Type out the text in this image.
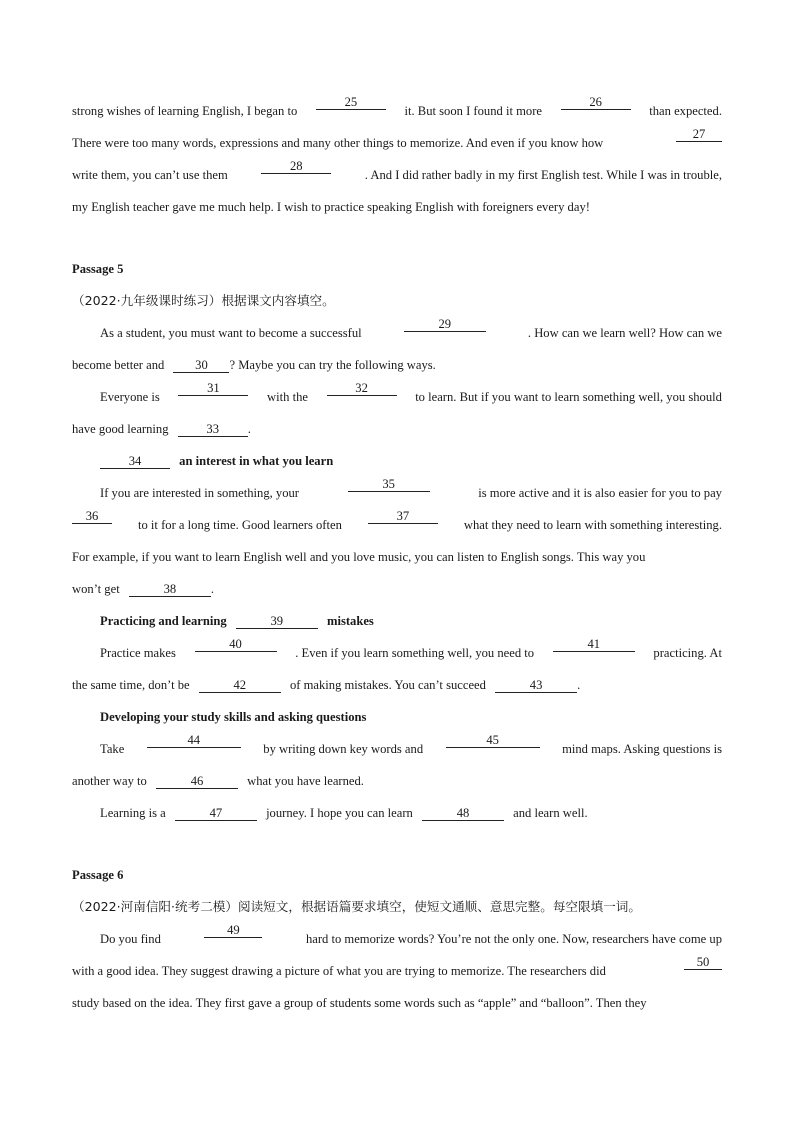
strong wishes of learning English, I began to
25
it. But soon I found it more
26
than expected.
There were too many words, expressions and many other things to memorize. And even if you know how
27
write them, you can’t use them
28
. And I did rather badly in my first English test. While I was in trouble,
my English teacher gave me much help. I wish to practice speaking English with foreigners every day!
Passage 5
（2022·九年级课时练习）根据课文内容填空。
As a student, you must want to become a successful
29
. How can we learn well? How can we
become better and 30 ? Maybe you can try the following ways.
Everyone is
31
with the
32
to learn. But if you want to learn something well, you should
have good learning	33 .
34	an interest in what you learn
If you are interested in something, your
35
is more active and it is also easier for you to pay
36
to it for a long time. Good learners often
37
what they need to learn with something interesting.
For example, if you want to learn English well and you love music, you can listen to English songs. This way you
won’t get	38	.
Practicing and learning	39	mistakes
Practice makes
40
. Even if you learn something well, you need to
41
practicing. At
the same time, don’t be	42	of making mistakes. You can’t succeed	43	.
Developing your study skills and asking questions
Take
44
by writing down key words and
45
mind maps. Asking questions is
another way to	46	what you have learned.
Learning is a	47	journey. I hope you can learn	48	and learn well.
Passage 6
（2022·河南信阳·统考二模）阅读短文，根据语篇要求填空，使短文通顺、意思完整。每空限填一词。
Do you find
49
hard to memorize words? You’re not the only one. Now, researchers have come up
with a good idea. They suggest drawing a picture of what you are trying to memorize. The researchers did
50
study based on the idea. They first gave a group of students some words such as “apple” and “balloon”. Then they
